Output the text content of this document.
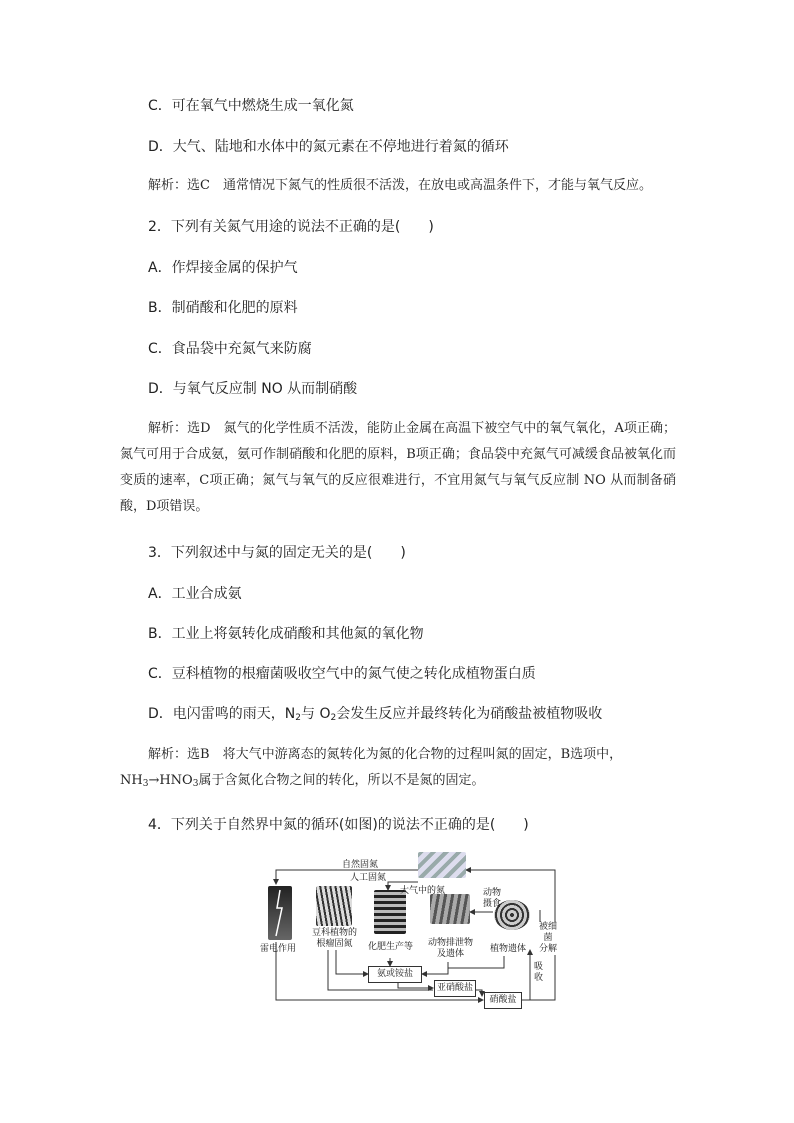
C．可在氧气中燃烧生成一氧化氮
D．大气、陆地和水体中的氮元素在不停地进行着氮的循环
解析：选C　通常情况下氮气的性质很不活泼，在放电或高温条件下，才能与氧气反应。
2．下列有关氮气用途的说法不正确的是(　　)
A．作焊接金属的保护气
B．制硝酸和化肥的原料
C．食品袋中充氮气来防腐
D．与氧气反应制 NO 从而制硝酸
解析：选D　氮气的化学性质不活泼，能防止金属在高温下被空气中的氧气氧化，A项正确；氮气可用于合成氨，氨可作制硝酸和化肥的原料，B项正确；食品袋中充氮气可减缓食品被氧化而变质的速率，C项正确；氮气与氧气的反应很难进行，不宜用氮气与氧气反应制 NO 从而制备硝酸，D项错误。
3．下列叙述中与氮的固定无关的是(　　)
A．工业合成氨
B．工业上将氨转化成硝酸和其他氮的氧化物
C．豆科植物的根瘤菌吸收空气中的氮气使之转化成植物蛋白质
D．电闪雷鸣的雨天，$N_2$与 $O_2$会发生反应并最终转化为硝酸盐被植物吸收
解析：选B　将大气中游离态的氮转化为氮的化合物的过程叫氮的固定，B选项中，
$NH_3\to HNO_3$属于含氮化合物之间的转化，所以不是氮的固定。
4．下列关于自然界中氮的循环(如图)的说法不正确的是(　　)
自然固氮
人工固氮
大气中的氮	动物
摄食
雷电作用
豆科植物的
根瘤固氮	化肥生产等 动物排泄物
及遗体	植物遗体
被细菌
分解
吸
收
氨或铵盐
亚硝酸盐
硝酸盐
